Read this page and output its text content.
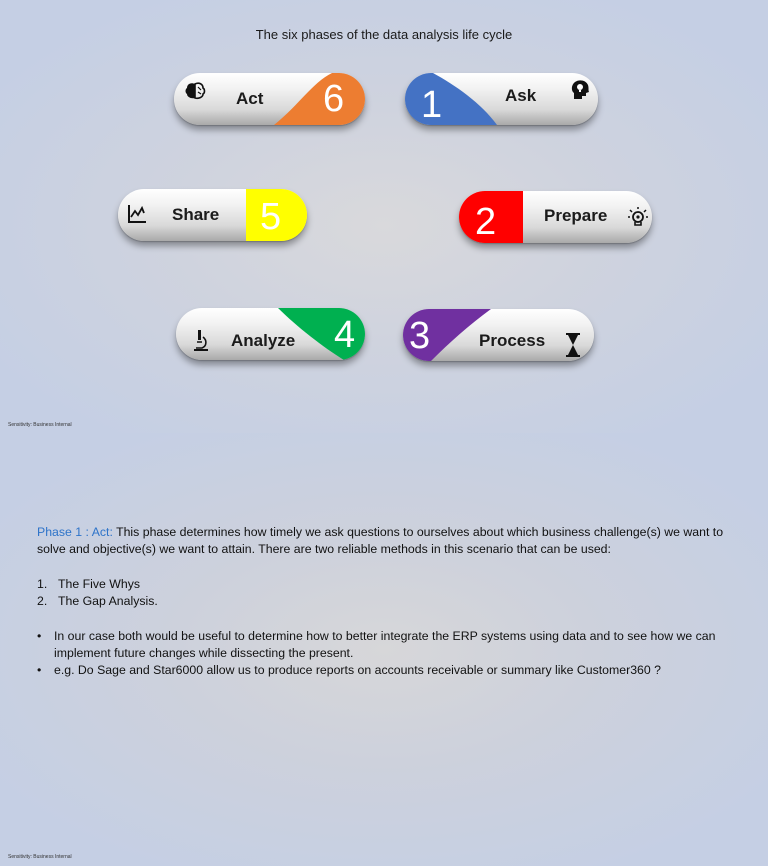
The six phases of the data analysis life cycle
Act 6 1	Ask
Share 5	2	Prepare
Analyze 4 3	Process
Sensitivity: Business Internal
Phase 1 : Act: This phase determines how timely we ask questions to ourselves about which business challenge(s) we want to solve and objective(s) we want to attain. There are two reliable methods in this scenario that can be used:
1. The Five Whys
2. The Gap Analysis.
•	In our case both would be useful to determine how to better integrate the ERP systems using data and to see how we can implement future changes while dissecting the present.
•	e.g. Do Sage and Star6000 allow us to produce reports on accounts receivable or summary like Customer360 ?
Sensitivity: Business Internal
